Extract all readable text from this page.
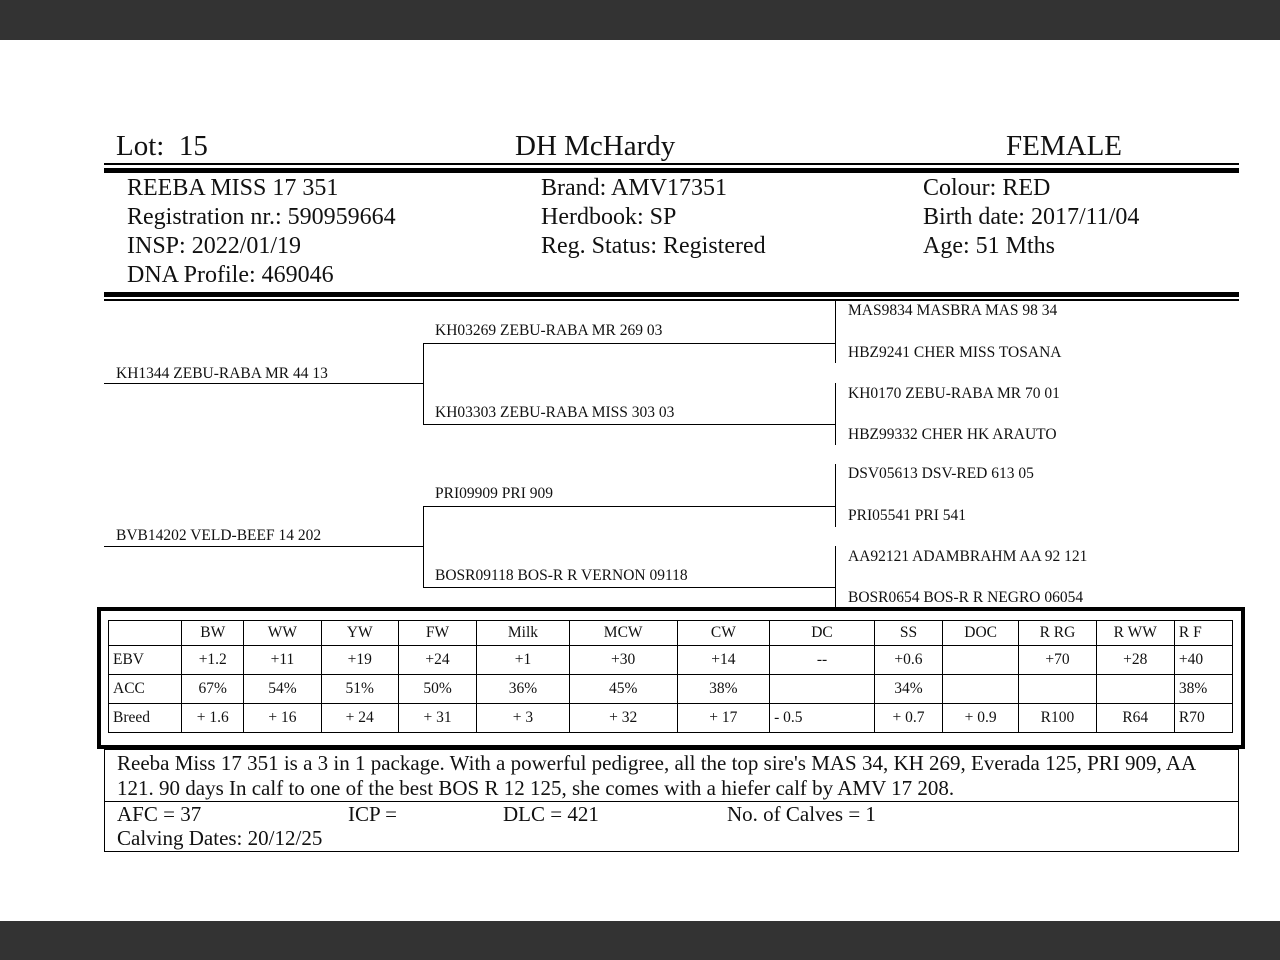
Lot: 15	DH McHardy	FEMALE
REEBA MISS 17 351
Registration nr.: 590959664
INSP: 2022/01/19
DNA Profile: 469046
Brand: AMV17351
Herdbook: SP
Reg. Status: Registered
Colour: RED
Birth date: 2017/11/04
Age: 51 Mths
KH1344 ZEBU-RABA MR 44 13
BVB14202 VELD-BEEF 14 202
KH03269 ZEBU-RABA MR 269 03
KH03303 ZEBU-RABA MISS 303 03
PRI09909 PRI 909
BOSR09118 BOS-R R VERNON 09118
MAS9834 MASBRA MAS 98 34
HBZ9241 CHER MISS TOSANA
KH0170 ZEBU-RABA MR 70 01
HBZ99332 CHER HK ARAUTO
DSV05613 DSV-RED 613 05
PRI05541 PRI 541
AA92121 ADAMBRAHM AA 92 121
BOSR0654 BOS-R R NEGRO 06054
	BW	WW	YW	FW	Milk	MCW	CW	DC	SS	DOC	R RG	R WW	R F
EBV	+1.2	+11	+19	+24	+1	+30	+14	--	+0.6		+70	+28	+40
ACC	67%	54%	51%	50%	36%	45%	38%		34%				38%
Breed	+ 1.6	+ 16	+ 24	+ 31	+ 3	+ 32	+ 17	- 0.5	+ 0.7	+ 0.9	R100	R64	R70
Reeba Miss 17 351 is a 3 in 1 package. With a powerful pedigree, all the top sire's MAS 34, KH 269, Everada 125, PRI 909, AA 121. 90 days In calf to one of the best BOS R 12 125, she comes with a hiefer calf by AMV 17 208.
AFC = 37	ICP =	DLC = 421	No. of Calves = 1
Calving Dates: 20/12/25
